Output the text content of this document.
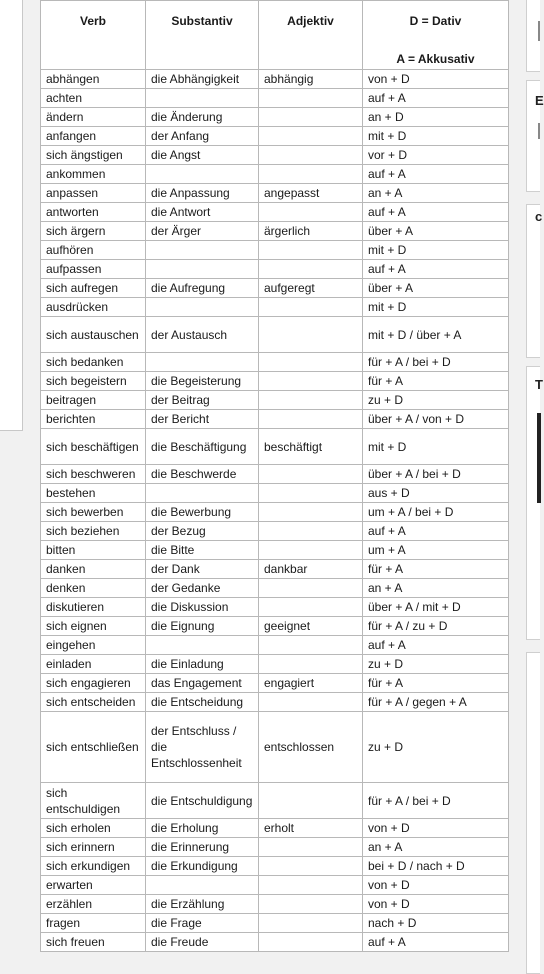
E
c
T
Verb	Substantiv	Adjektiv	D = Dativ
A = Akkusativ

abhängen	die Abhängigkeit	abhängig	von + D
achten			auf + A
ändern	die Änderung		an + D
anfangen	der Anfang		mit + D
sich ängstigen	die Angst		vor + D
ankommen			auf + A
anpassen	die Anpassung	angepasst	an + A
antworten	die Antwort		auf + A
sich ärgern	der Ärger	ärgerlich	über + A
aufhören			mit + D
aufpassen			auf + A
sich aufregen	die Aufregung	aufgeregt	über + A
ausdrücken			mit + D
sich austauschen	der Austausch		mit + D / über + A
sich bedanken			für + A / bei + D
sich begeistern	die Begeisterung		für + A
beitragen	der Beitrag		zu + D
berichten	der Bericht		über + A / von + D
sich beschäftigen	die Beschäftigung	beschäftigt	mit + D
sich beschweren	die Beschwerde		über + A / bei + D
bestehen			aus + D
sich bewerben	die Bewerbung		um + A / bei + D
sich beziehen	der Bezug		auf + A
bitten	die Bitte		um + A
danken	der Dank	dankbar	für + A
denken	der Gedanke		an + A
diskutieren	die Diskussion		über + A / mit + D
sich eignen	die Eignung	geeignet	für + A / zu + D
eingehen			auf + A
einladen	die Einladung		zu + D
sich engagieren	das Engagement	engagiert	für + A
sich entscheiden	die Entscheidung		für + A / gegen + A
sich entschließen	der Entschluss / die Entschlossenheit	entschlossen	zu + D
sich entschuldigen	die Entschuldigung		für + A / bei + D
sich erholen	die Erholung	erholt	von + D
sich erinnern	die Erinnerung		an + A
sich erkundigen	die Erkundigung		bei + D / nach + D
erwarten			von + D
erzählen	die Erzählung		von + D
fragen	die Frage		nach + D
sich freuen	die Freude		auf + A
